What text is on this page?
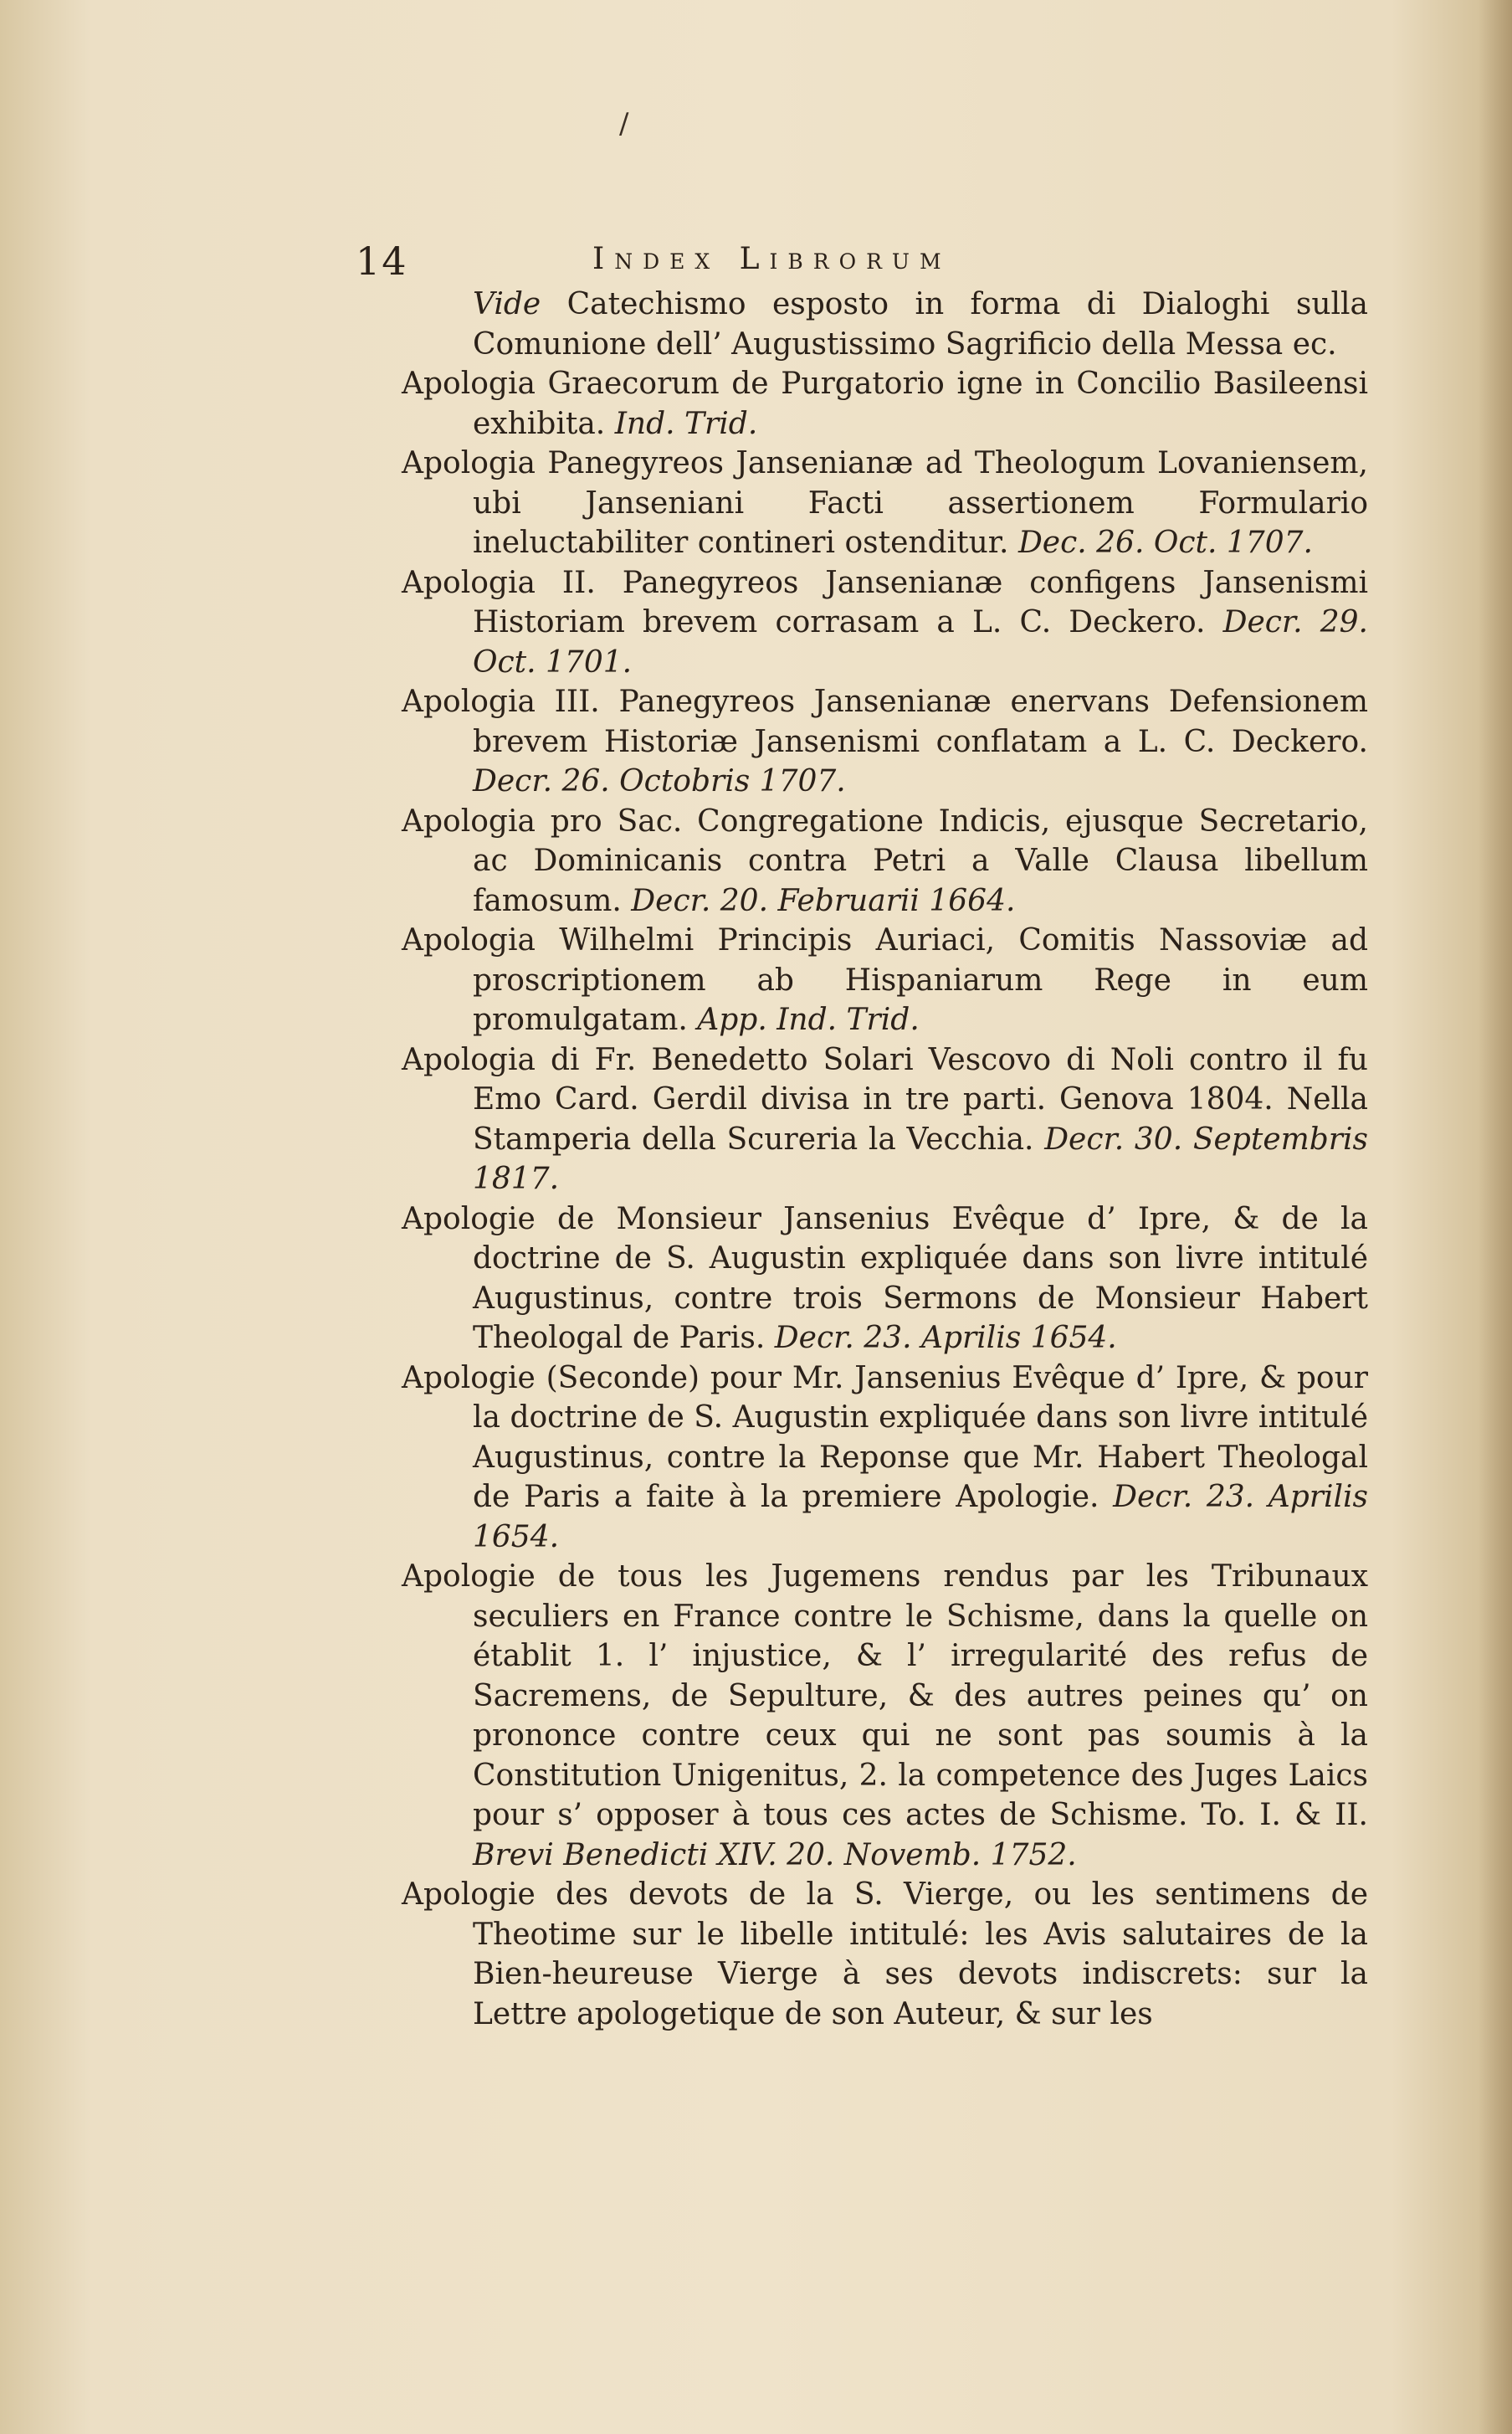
/
14	Index Librorum

Vide Catechismo esposto in forma di Dialoghi sulla Comunione dell’ Augustissimo Sagrificio della Messa ec.

Apologia Graecorum de Purgatorio igne in Concilio Basileensi exhibita. Ind. Trid.

Apologia Panegyreos Jansenianæ ad Theologum Lovaniensem, ubi Janseniani Facti assertionem Formulario ineluctabiliter contineri ostenditur. Dec. 26. Oct. 1707.

Apologia II. Panegyreos Jansenianæ configens Jansenismi Historiam brevem corrasam a L. C. Deckero. Decr. 29. Oct. 1701.

Apologia III. Panegyreos Jansenianæ enervans Defensionem brevem Historiæ Jansenismi conflatam a L. C. Deckero. Decr. 26. Octobris 1707.

Apologia pro Sac. Congregatione Indicis, ejusque Secretario, ac Dominicanis contra Petri a Valle Clausa libellum famosum. Decr. 20. Februarii 1664.

Apologia Wilhelmi Principis Auriaci, Comitis Nassoviæ ad proscriptionem ab Hispaniarum Rege in eum promulgatam. App. Ind. Trid.

Apologia di Fr. Benedetto Solari Vescovo di Noli contro il fu Emo Card. Gerdil divisa in tre parti. Genova 1804. Nella Stamperia della Scureria la Vecchia. Decr. 30. Septembris 1817.

Apologie de Monsieur Jansenius Evêque d’ Ipre, & de la doctrine de S. Augustin expliquée dans son livre intitulé Augustinus, contre trois Sermons de Monsieur Habert Theologal de Paris. Decr. 23. Aprilis 1654.

Apologie (Seconde) pour Mr. Jansenius Evêque d’ Ipre, & pour la doctrine de S. Augustin expliquée dans son livre intitulé Augustinus, contre la Reponse que Mr. Habert Theologal de Paris a faite à la premiere Apologie. Decr. 23. Aprilis 1654.

Apologie de tous les Jugemens rendus par les Tribunaux seculiers en France contre le Schisme, dans la quelle on établit 1. l’ injustice, & l’ irregularité des refus de Sacremens, de Sepulture, & des autres peines qu’ on prononce contre ceux qui ne sont pas soumis à la Constitution Unigenitus, 2. la competence des Juges Laics pour s’ opposer à tous ces actes de Schisme. To. I. & II. Brevi Benedicti XIV. 20. Novemb. 1752.

Apologie des devots de la S. Vierge, ou les sentimens de Theotime sur le libelle intitulé: les Avis salutaires de la Bien-heureuse Vierge à ses devots indiscrets: sur la Lettre apologetique de son Auteur, & sur les
